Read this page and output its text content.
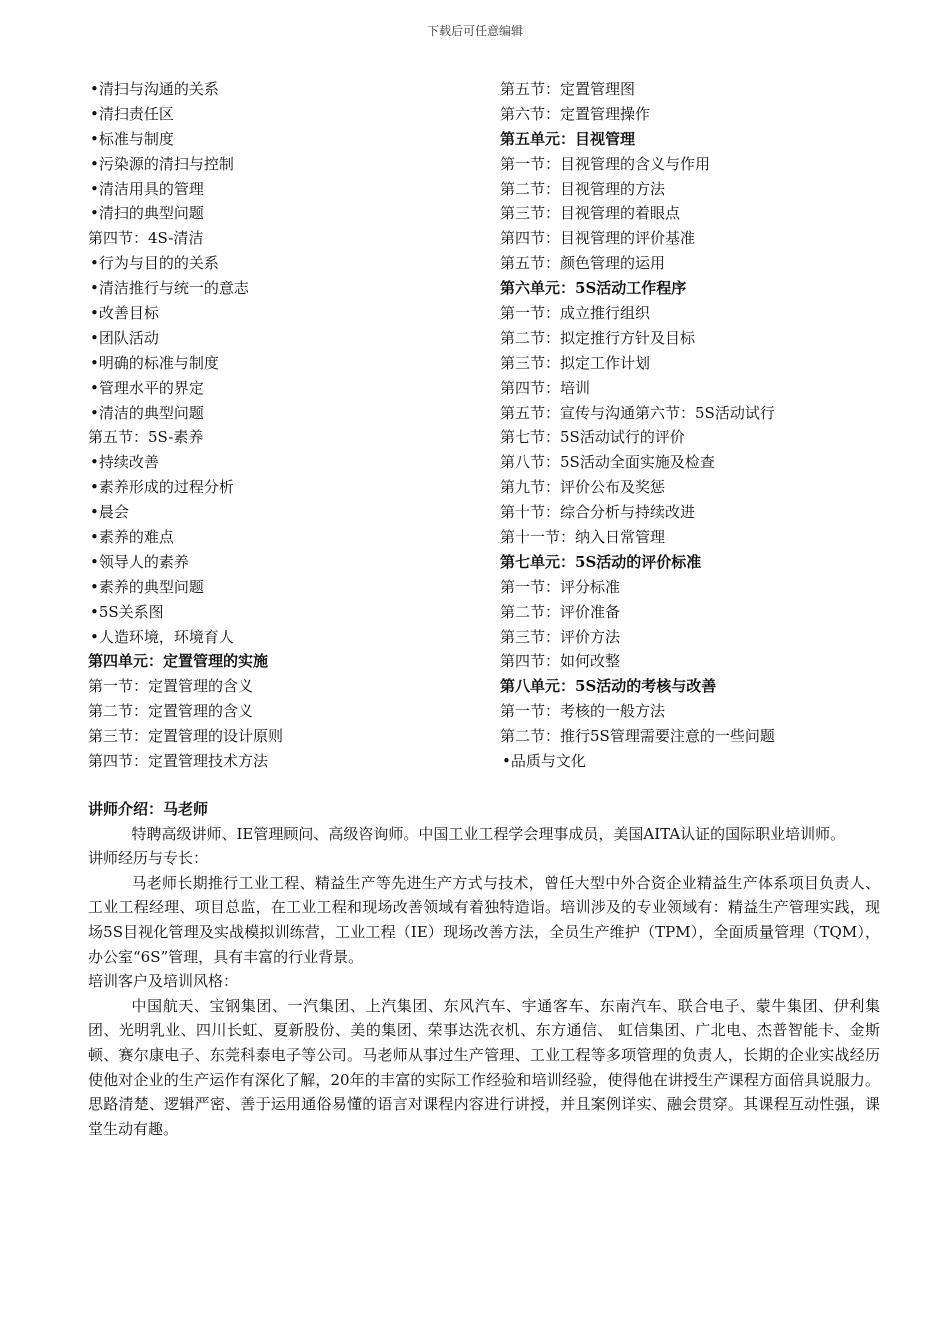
下载后可任意编辑
•清扫与沟通的关系
•清扫责任区
•标准与制度
•污染源的清扫与控制
•清洁用具的管理
•清扫的典型问题
第四节：4S-清洁
•行为与目的的关系
•清洁推行与统一的意志
•改善目标
•团队活动
•明确的标准与制度
•管理水平的界定
•清洁的典型问题
第五节：5S-素养
•持续改善
•素养形成的过程分析
•晨会
•素养的难点
•领导人的素养
•素养的典型问题
•5S关系图
•人造环境，环境育人
第四单元：定置管理的实施
第一节：定置管理的含义
第二节：定置管理的含义
第三节：定置管理的设计原则
第四节：定置管理技术方法
第五节：定置管理图
第六节：定置管理操作
第五单元：目视管理
第一节：目视管理的含义与作用
第二节：目视管理的方法
第三节：目视管理的着眼点
第四节：目视管理的评价基准
第五节：颜色管理的运用
第六单元：5S活动工作程序
第一节：成立推行组织
第二节：拟定推行方针及目标
第三节：拟定工作计划
第四节：培训
第五节：宣传与沟通第六节：5S活动试行
第七节：5S活动试行的评价
第八节：5S活动全面实施及检查
第九节：评价公布及奖惩
第十节：综合分析与持续改进
第十一节：纳入日常管理
第七单元：5S活动的评价标准
第一节：评分标准
第二节：评价准备
第三节：评价方法
第四节：如何改整
第八单元：5S活动的考核与改善
第一节：考核的一般方法
第二节：推行5S管理需要注意的一些问题
•品质与文化

讲师介绍：马老师

特聘高级讲师、IE管理顾问、高级咨询师。中国工业工程学会理事成员，美国AITA认证的国际职业培训师。

讲师经历与专长：

马老师长期推行工业工程、精益生产等先进生产方式与技术，曾任大型中外合资企业精益生产体系项目负责人、工业工程经理、项目总监，在工业工程和现场改善领域有着独特造诣。培训涉及的专业领域有：精益生产管理实践，现场5S目视化管理及实战模拟训练营，工业工程（IE）现场改善方法，全员生产维护（TPM），全面质量管理（TQM），办公室“6S”管理，具有丰富的行业背景。

培训客户及培训风格：

中国航天、宝钢集团、一汽集团、上汽集团、东风汽车、宇通客车、东南汽车、联合电子、蒙牛集团、伊利集团、光明乳业、四川长虹、夏新股份、美的集团、荣事达洗衣机、东方通信、 虹信集团、广北电、杰普智能卡、金斯顿、赛尔康电子、东莞科泰电子等公司。马老师从事过生产管理、工业工程等多项管理的负责人，长期的企业实战经历使他对企业的生产运作有深化了解，20年的丰富的实际工作经验和培训经验，使得他在讲授生产课程方面倍具说服力。思路清楚、逻辑严密、善于运用通俗易懂的语言对课程内容进行讲授，并且案例详实、融会贯穿。其课程互动性强，课堂生动有趣。
